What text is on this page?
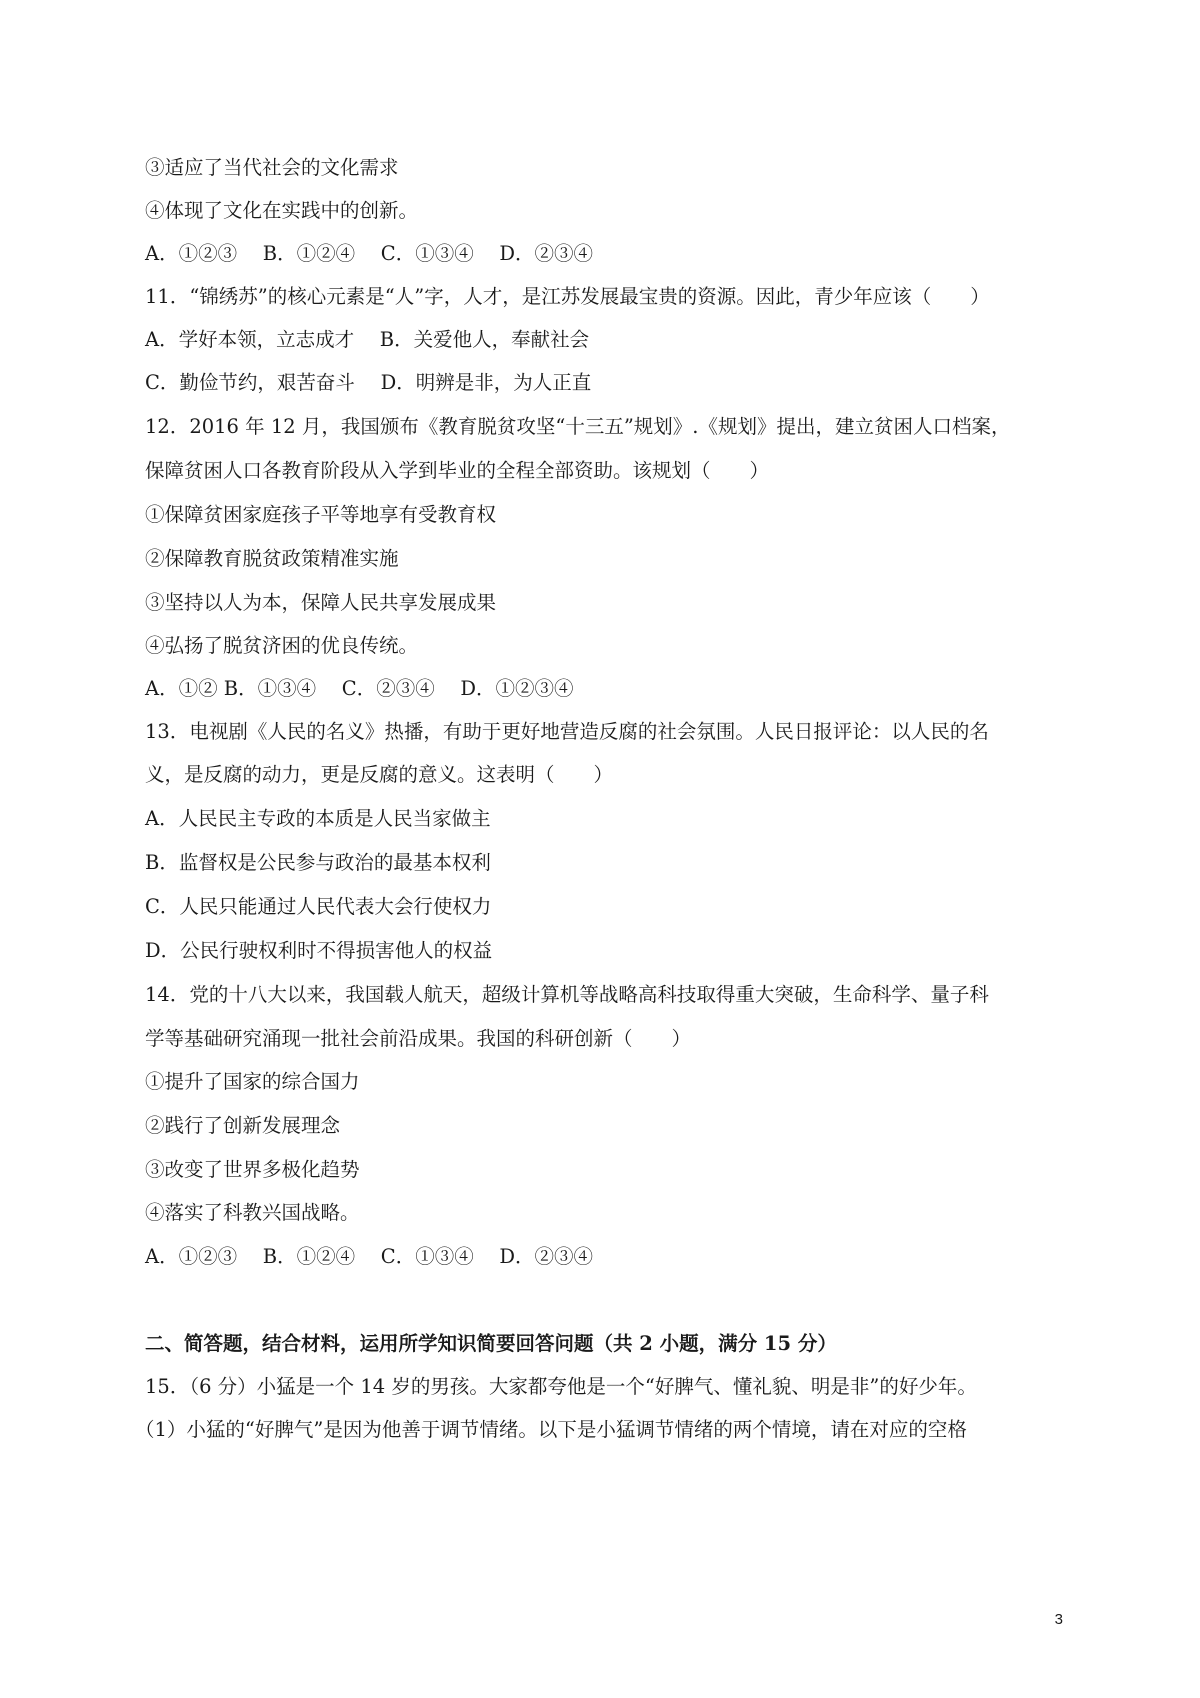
③适应了当代社会的文化需求
④体现了文化在实践中的创新。
A．①②③　 B．①②④　 C．①③④　 D．②③④
11．“锦绣苏”的核心元素是“人”字，人才，是江苏发展最宝贵的资源。因此，青少年应该（　　）
A．学好本领，立志成才　 B．关爱他人，奉献社会
C．勤俭节约，艰苦奋斗　 D．明辨是非，为人正直
12．2016 年 12 月，我国颁布《教育脱贫攻坚“十三五”规划》.《规划》提出，建立贫困人口档案，
保障贫困人口各教育阶段从入学到毕业的全程全部资助。该规划（　　）
①保障贫困家庭孩子平等地享有受教育权
②保障教育脱贫政策精准实施
③坚持以人为本，保障人民共享发展成果
④弘扬了脱贫济困的优良传统。
A．①② B．①③④　 C．②③④　 D．①②③④
13．电视剧《人民的名义》热播，有助于更好地营造反腐的社会氛围。人民日报评论：以人民的名
义，是反腐的动力，更是反腐的意义。这表明（　　）
A．人民民主专政的本质是人民当家做主
B．监督权是公民参与政治的最基本权利
C．人民只能通过人民代表大会行使权力
D．公民行驶权利时不得损害他人的权益
14．党的十八大以来，我国载人航天，超级计算机等战略高科技取得重大突破，生命科学、量子科
学等基础研究涌现一批社会前沿成果。我国的科研创新（　　）
①提升了国家的综合国力
②践行了创新发展理念
③改变了世界多极化趋势
④落实了科教兴国战略。
A．①②③　 B．①②④　 C．①③④　 D．②③④
二、简答题，结合材料，运用所学知识简要回答问题（共 2 小题，满分 15 分）
15．（6 分）小猛是一个 14 岁的男孩。大家都夸他是一个“好脾气、懂礼貌、明是非”的好少年。
（1）小猛的“好脾气”是因为他善于调节情绪。以下是小猛调节情绪的两个情境，请在对应的空格
3
